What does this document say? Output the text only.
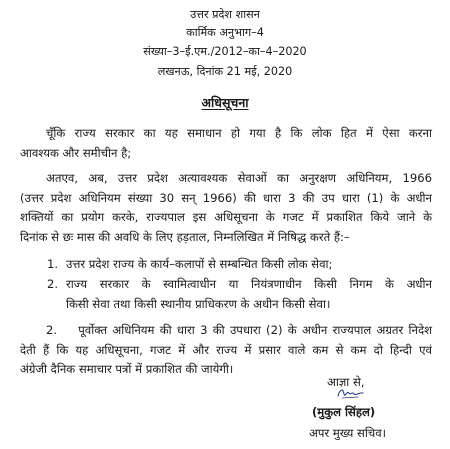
उत्तर प्रदेश शासन
कार्मिक अनुभाग–4
संख्या–3–ई.एम./2012–का–4–2020
लखनऊ, दिनांक 21 मई, 2020
अधिसूचना
चूँकि राज्य सरकार का यह समाधान हो गया है कि लोक हित में ऐसा करना
आवश्यक और समीचीन है;
अतएव, अब, उत्तर प्रदेश अत्यावश्यक सेवाओं का अनुरक्षण अधिनियम, 1966
(उत्तर प्रदेश अधिनियम संख्या 30 सन् 1966) की धारा 3 की उप धारा (1) के अधीन
शक्तियों का प्रयोग करके, राज्यपाल इस अधिसूचना के गजट में प्रकाशित किये जाने के
दिनांक से छः मास की अवधि के लिए हड़ताल, निम्नलिखित में निषिद्ध करते हैं:–
1. उत्तर प्रदेश राज्य के कार्य–कलापों से सम्बन्धित किसी लोक सेवा;
2. राज्य सरकार के स्वामित्वाधीन या नियंत्रणाधीन किसी निगम के अधीन
किसी सेवा तथा किसी स्थानीय प्राधिकरण के अधीन किसी सेवा।
2. पूर्वोक्त अधिनियम की धारा 3 की उपधारा (2) के अधीन राज्यपाल अग्रतर निदेश
देती हैं कि यह अधिसूचना, गजट में और राज्य में प्रसार वाले कम से कम दो हिन्दी एवं
अंग्रेजी दैनिक समाचार पत्रों में प्रकाशित की जायेगी।
आज्ञा से,
(मुकुल सिंहल)
अपर मुख्य सचिव।
